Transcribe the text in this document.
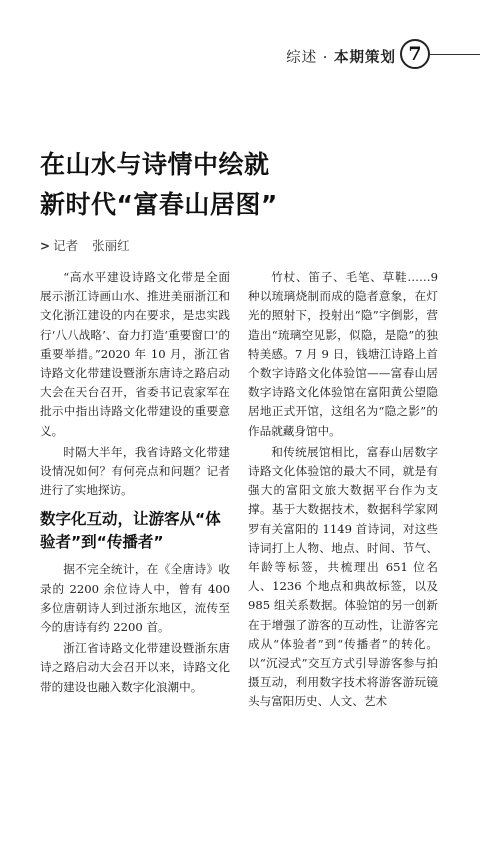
综述 · 本期策划 7
在山水与诗情中绘就
新时代“富春山居图”
> 记者 张丽红

“高水平建设诗路文化带是全面展示浙江诗画山水、推进美丽浙江和文化浙江建设的内在要求，是忠实践行‘八八战略’、奋力打造‘重要窗口’的重要举措。”2020 年 10 月，浙江省诗路文化带建设暨浙东唐诗之路启动大会在天台召开，省委书记袁家军在批示中指出诗路文化带建设的重要意义。

时隔大半年，我省诗路文化带建设情况如何？有何亮点和问题？记者进行了实地探访。

数字化互动，让游客从“体验者”到“传播者”

据不完全统计，在《全唐诗》收录的 2200 余位诗人中，曾有 400 多位唐朝诗人到过浙东地区，流传至今的唐诗有约 2200 首。

浙江省诗路文化带建设暨浙东唐诗之路启动大会召开以来，诗路文化带的建设也融入数字化浪潮中。

竹杖、笛子、毛笔、草鞋……9 种以琉璃烧制而成的隐者意象，在灯光的照射下，投射出“隐”字倒影，营造出“琉璃空见影，似隐，是隐”的独特美感。7 月 9 日，钱塘江诗路上首个数字诗路文化体验馆——富春山居数字诗路文化体验馆在富阳黄公望隐居地正式开馆，这组名为“隐之影”的作品就藏身馆中。

和传统展馆相比，富春山居数字诗路文化体验馆的最大不同，就是有强大的富阳文旅大数据平台作为支撑。基于大数据技术，数据科学家网罗有关富阳的 1149 首诗词，对这些诗词打上人物、地点、时间、节气、年龄等标签，共梳理出 651 位名人、1236 个地点和典故标签，以及 985 组关系数据。体验馆的另一创新在于增强了游客的互动性，让游客完成从“体验者”到“传播者”的转化。以“沉浸式”交互方式引导游客参与拍摄互动，利用数字技术将游客游玩镜头与富阳历史、人文、艺术
